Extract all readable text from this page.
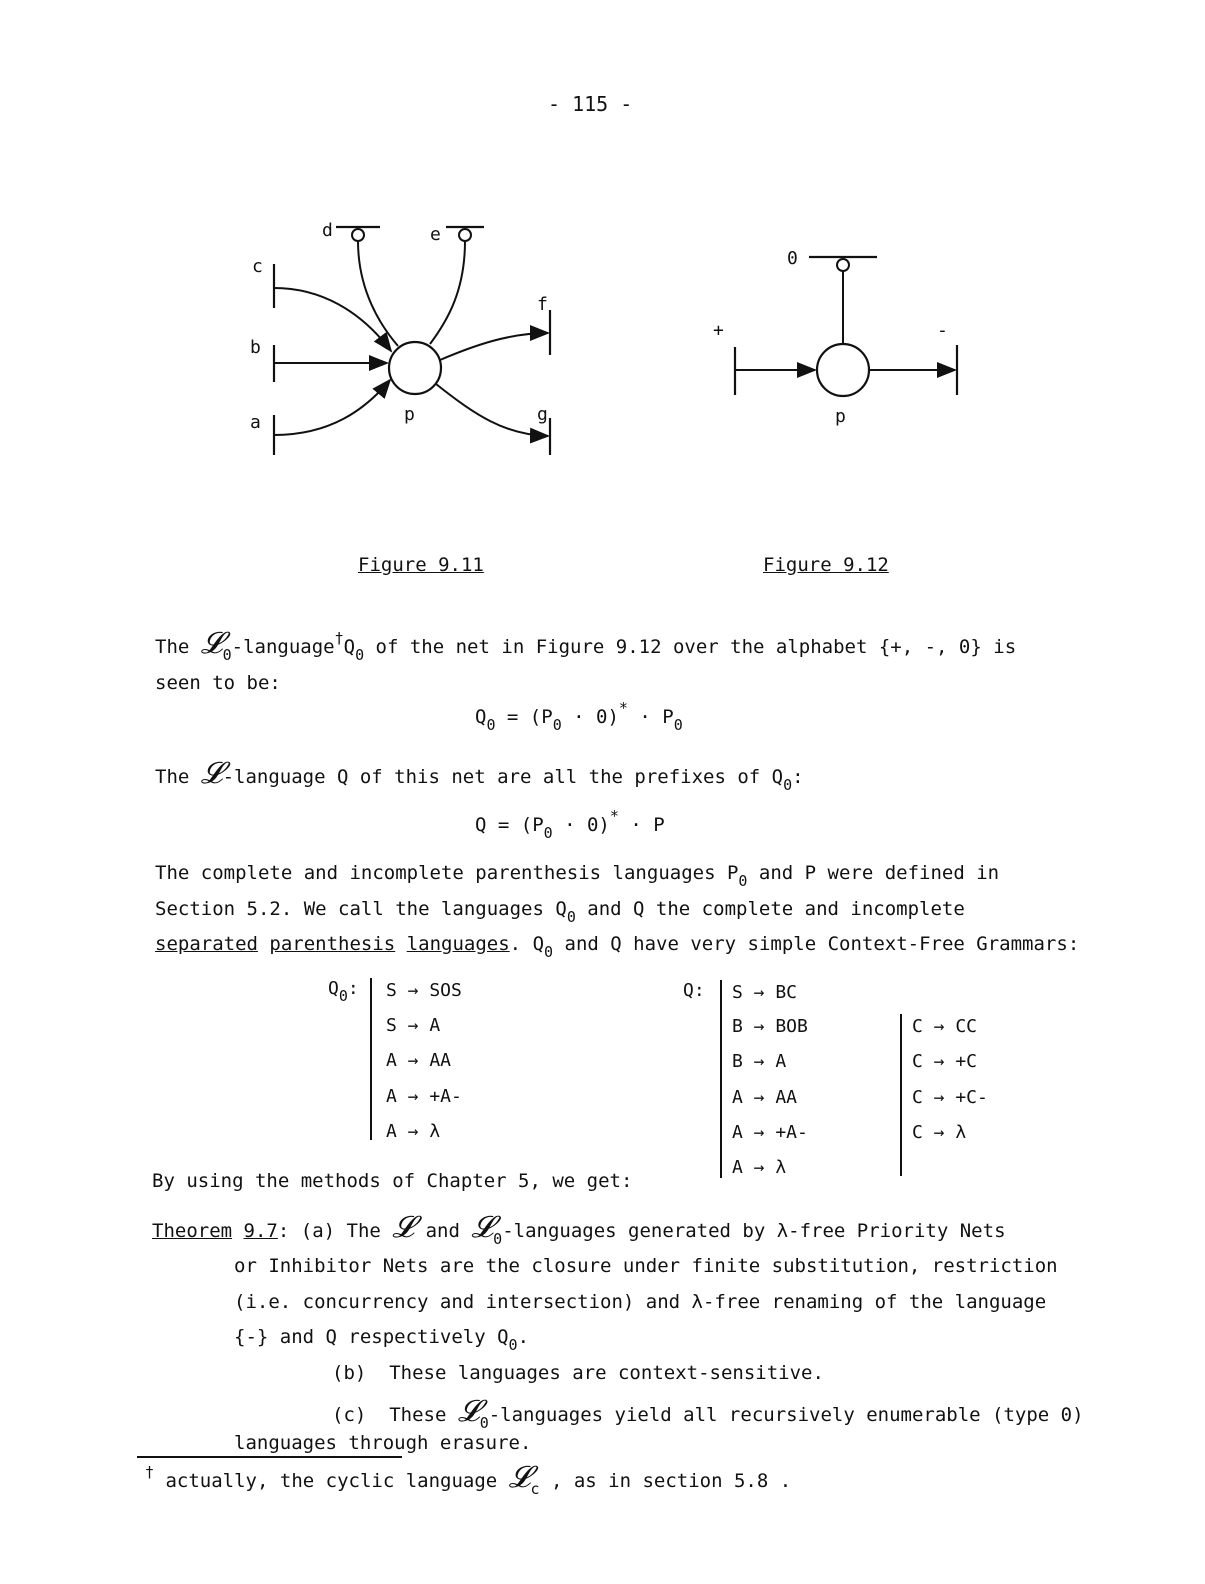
- 115 -
d	e
c
b
a
f
g
p
0
+	-
p
Figure 9.11	Figure 9.12
The $𝓛_0-language^\dagger Q_0$ of the net in Figure 9.12 over the alphabet {+, -, 0} is
seen to be:
$Q_0 = (P_0 \cdot 0)^* \cdot P_0$
The 𝓛-language Q of this net are all the prefixes of $Q_0$:
$Q = (P_0 \cdot 0)^* \cdot P$
The complete and incomplete parenthesis languages $P_0$ and P were defined in
Section 5.2. We call the languages $Q_0$ and Q the complete and incomplete
separated parenthesis languages. $Q_0$ and Q have very simple Context-Free Grammars:
$Q_0$: S → SOS
S → A
A → AA
A → +A-
A → λ
Q: S → BC
B → BOB
B → A
A → AA
A → +A-
A → λ
C → CC
C → +C
C → +C-
C → λ
By using the methods of Chapter 5, we get:
Theorem 9.7: (a) The 𝓛 and 𝓛$_0$-languages generated by λ-free Priority Nets
or Inhibitor Nets are the closure under finite substitution, restriction
(i.e. concurrency and intersection) and λ-free renaming of the language
{-} and Q respectively $Q_0$.
(b) These languages are context-sensitive.
(c) These 𝓛$_0$-languages yield all recursively enumerable (type 0)
languages through erasure.
† actually, the cyclic language 𝓛$_c$ , as in section 5.8 .
